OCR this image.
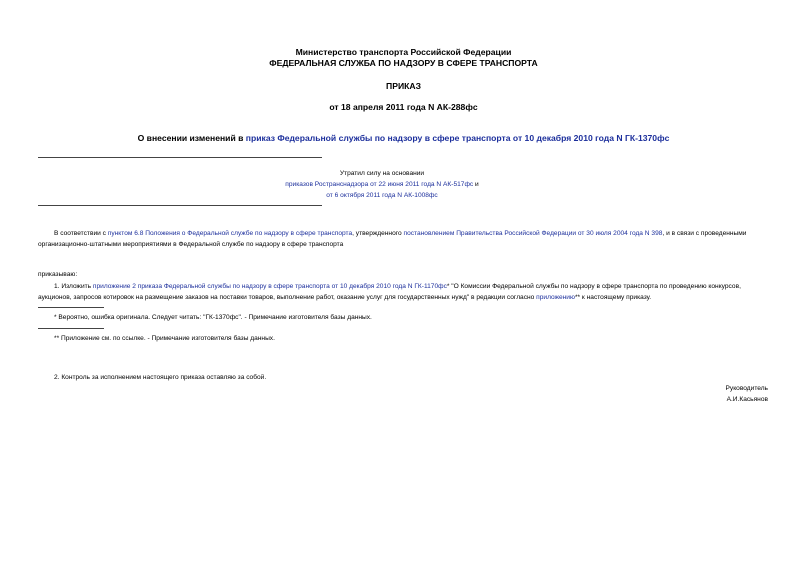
Министерство транспорта Российской Федерации
ФЕДЕРАЛЬНАЯ СЛУЖБА ПО НАДЗОРУ В СФЕРЕ ТРАНСПОРТА
ПРИКАЗ
от 18 апреля 2011 года N АК-288фс
О внесении изменений в приказ Федеральной службы по надзору в сфере транспорта от 10 декабря 2010 года N ГК-1370фс
Утратил силу на основании
приказов Ространснадзора от 22 июня 2011 года N АК-517фс и
от 6 октября 2011 года N АК-1008фс
В соответствии с пунктом 6.8 Положения о Федеральной службе по надзору в сфере транспорта, утвержденного постановлением Правительства Российской Федерации от 30 июля 2004 года N 398, и в связи с проведенными организационно-штатными мероприятиями в Федеральной службе по надзору в сфере транспорта
приказываю:
1. Изложить приложение 2 приказа Федеральной службы по надзору в сфере транспорта от 10 декабря 2010 года N ГК-1170фс* "О Комиссии Федеральной службы по надзору в сфере транспорта по проведению конкурсов, аукционов, запросов котировок на размещение заказов на поставки товаров, выполнение работ, оказание услуг для государственных нужд" в редакции согласно приложению** к настоящему приказу.
* Вероятно, ошибка оригинала. Следует читать: "ГК-1370фс". - Примечание изготовителя базы данных.
** Приложение см. по ссылке. - Примечание изготовителя базы данных.
2. Контроль за исполнением настоящего приказа оставляю за собой.
Руководитель
А.И.Касьянов
